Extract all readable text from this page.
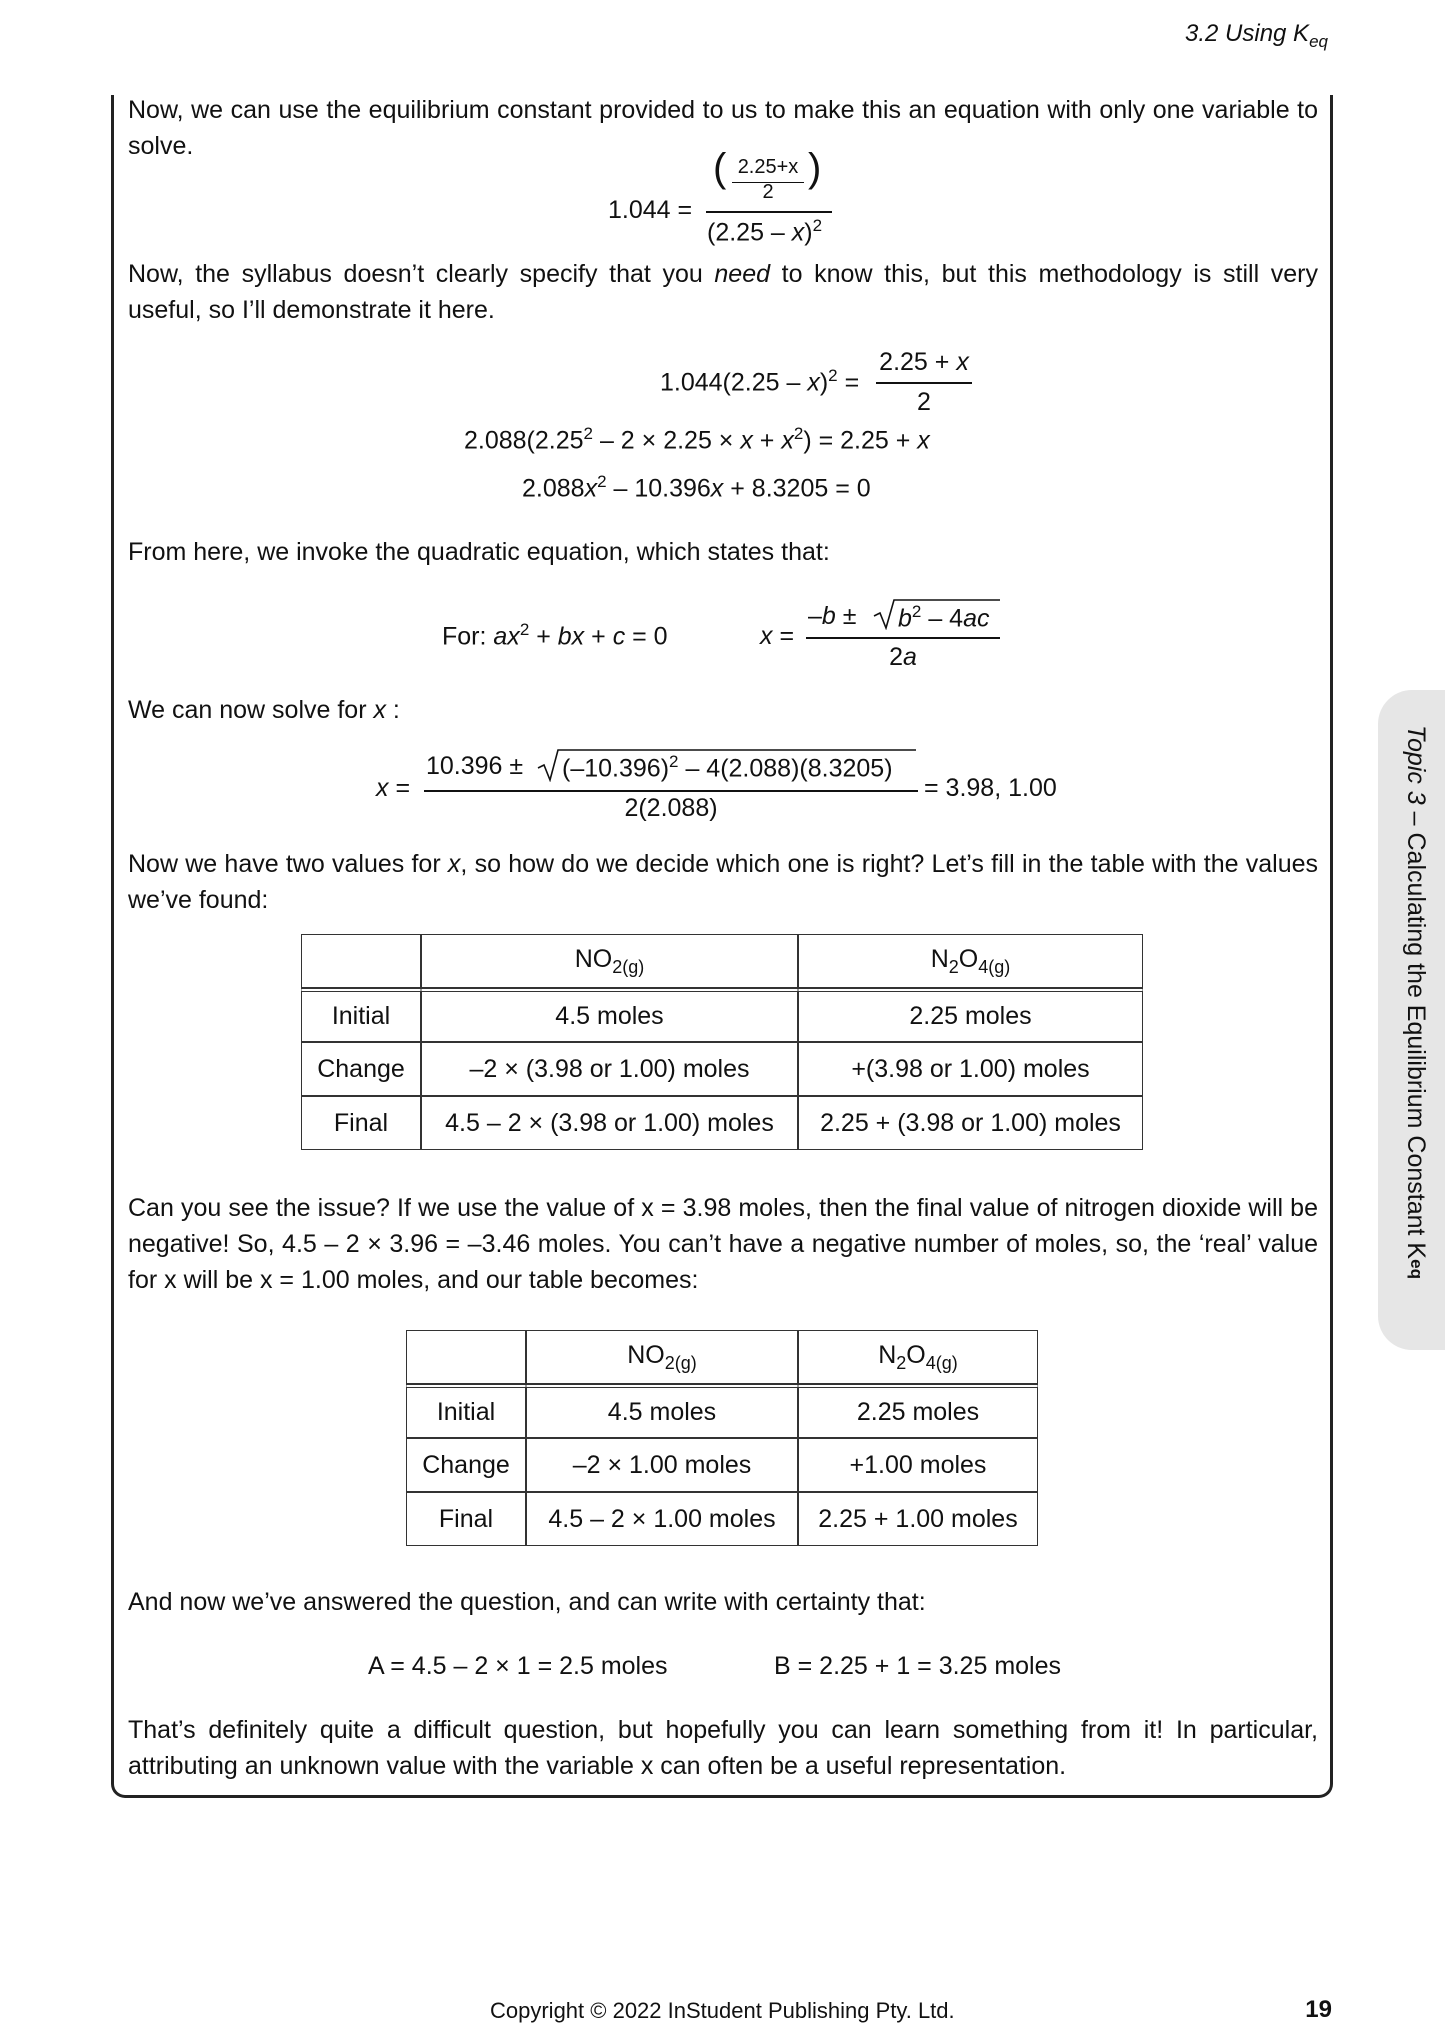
3.2 Using $K_{eq}$
Now, we can use the equilibrium constant provided to us to make this an equation with only one variable to solve.
1.044 =
( 2.25+x
2
)
(2.25 – x)$^2$
Now, the syllabus doesn’t clearly specify that you need to know this, but this methodology is still very useful, so I’ll demonstrate it here.
1.044(2.25 – x)$^2$ =
2.25 + x
2
$2.088(2.25^2 - 2 \times 2.25 \times x + x^2) = 2.25 + x$
$2.088x^2 - 10.396x + 8.3205 = 0$
From here, we invoke the quadratic equation, which states that:
For: $ax^2$ + bx + c = 0	x =
$-b \pm b^2 - 4ac$
2a
We can now solve for x :
x =
$10.396 \pm (-10.396)^2 - 4(2.088)(8.3205)$
2(2.088)
= 3.98, 1.00
Now we have two values for x, so how do we decide which one is right? Let’s fill in the table with the values we’ve found:
	$NO_{2(g)}$	$N_2O_{4(g)}$
Initial	4.5 moles	2.25 moles
Change	–2 × (3.98 or 1.00) moles	+(3.98 or 1.00) moles
Final	4.5 – 2 × (3.98 or 1.00) moles	2.25 + (3.98 or 1.00) moles
Can you see the issue? If we use the value of x = 3.98 moles, then the final value of nitrogen dioxide will be negative! So, 4.5 – 2 × 3.96 = –3.46 moles. You can’t have a negative number of moles, so, the ‘real’ value for x will be x = 1.00 moles, and our table becomes:
	$NO_{2(g)}$	$N_2O_{4(g)}$
Initial	4.5 moles	2.25 moles
Change	–2 × 1.00 moles	+1.00 moles
Final	4.5 – 2 × 1.00 moles	2.25 + 1.00 moles
And now we’ve answered the question, and can write with certainty that:
A = 4.5 – 2 × 1 = 2.5 moles	B = 2.25 + 1 = 3.25 moles
That’s definitely quite a difficult question, but hopefully you can learn something from it! In particular, attributing an unknown value with the variable x can often be a useful representation.
Topic 3 – Calculating the Equilibrium Constant Keq
Copyright © 2022 InStudent Publishing Pty. Ltd.	19
